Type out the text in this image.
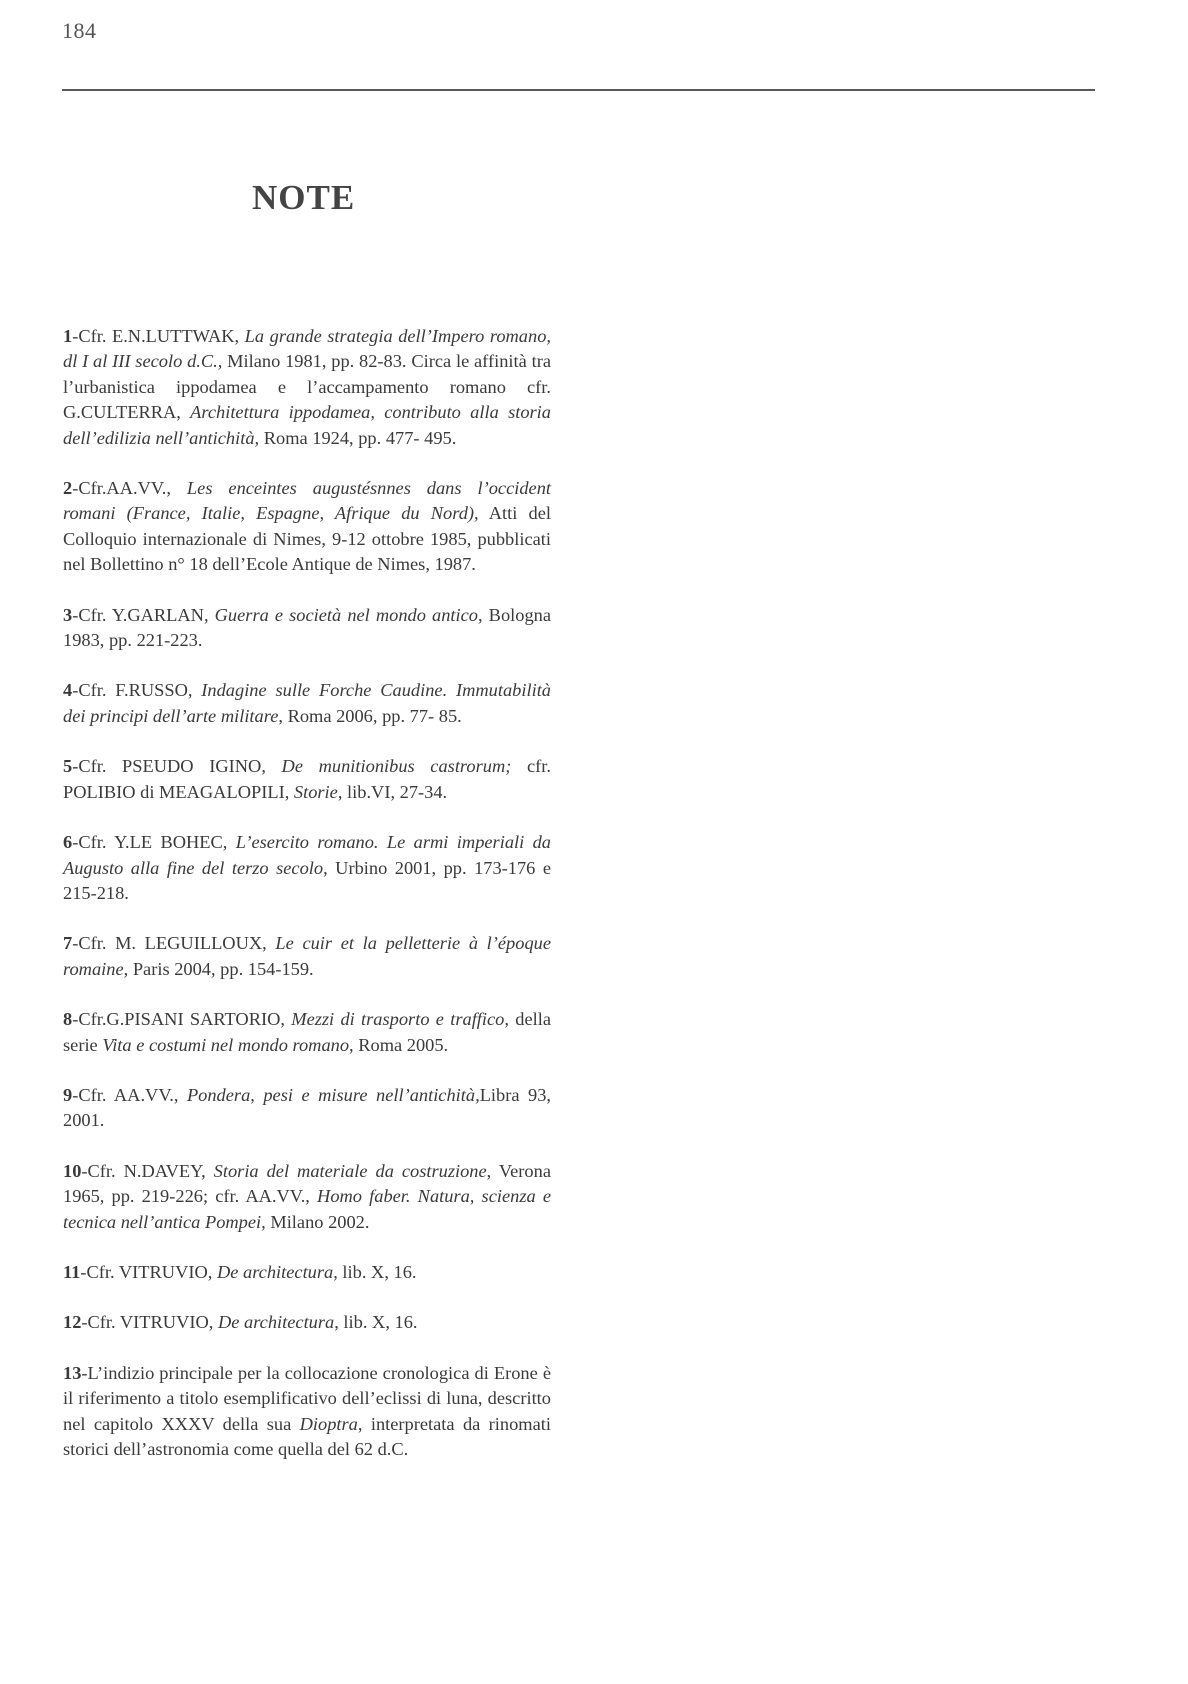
184
NOTE

1-Cfr. E.N.LUTTWAK, La grande strategia dell’Impero romano, dl I al III secolo d.C., Milano 1981, pp. 82-83. Circa le affinità tra l’urbanistica ippodamea e l’accampamento romano cfr. G.CULTERRA, Architettura ippodamea, contributo alla storia dell’edilizia nell’antichità, Roma 1924, pp. 477- 495.

2-Cfr.AA.VV., Les enceintes augustésnnes dans l’occident romani (France, Italie, Espagne, Afrique du Nord), Atti del Colloquio internazionale di Nimes, 9-12 ottobre 1985, pubblicati nel Bollettino n° 18 dell’Ecole Antique de Nimes, 1987.

3-Cfr. Y.GARLAN, Guerra e società nel mondo antico, Bologna 1983, pp. 221-223.

4-Cfr. F.RUSSO, Indagine sulle Forche Caudine. Immutabilità dei principi dell’arte militare, Roma 2006, pp. 77- 85.

5-Cfr. PSEUDO IGINO, De munitionibus castrorum; cfr. POLIBIO di MEAGALOPILI, Storie, lib.VI, 27-34.

6-Cfr. Y.LE BOHEC, L’esercito romano. Le armi imperiali da Augusto alla fine del terzo secolo, Urbino 2001, pp. 173-176 e 215-218.

7-Cfr. M. LEGUILLOUX, Le cuir et la pelletterie à l’époque romaine, Paris 2004, pp. 154-159.

8-Cfr.G.PISANI SARTORIO, Mezzi di trasporto e traffico, della serie Vita e costumi nel mondo romano, Roma 2005.

9-Cfr. AA.VV., Pondera, pesi e misure nell’antichità,Libra 93, 2001.

10-Cfr. N.DAVEY, Storia del materiale da costruzione, Verona 1965, pp. 219-226; cfr. AA.VV., Homo faber. Natura, scienza e tecnica nell’antica Pompei, Milano 2002.

11-Cfr. VITRUVIO, De architectura, lib. X, 16.

12-Cfr. VITRUVIO, De architectura, lib. X, 16.

13-L’indizio principale per la collocazione cronologica di Erone è il riferimento a titolo esemplificativo dell’eclissi di luna, descritto nel capitolo XXXV della sua Dioptra, interpretata da rinomati storici dell’astronomia come quella del 62 d.C.
